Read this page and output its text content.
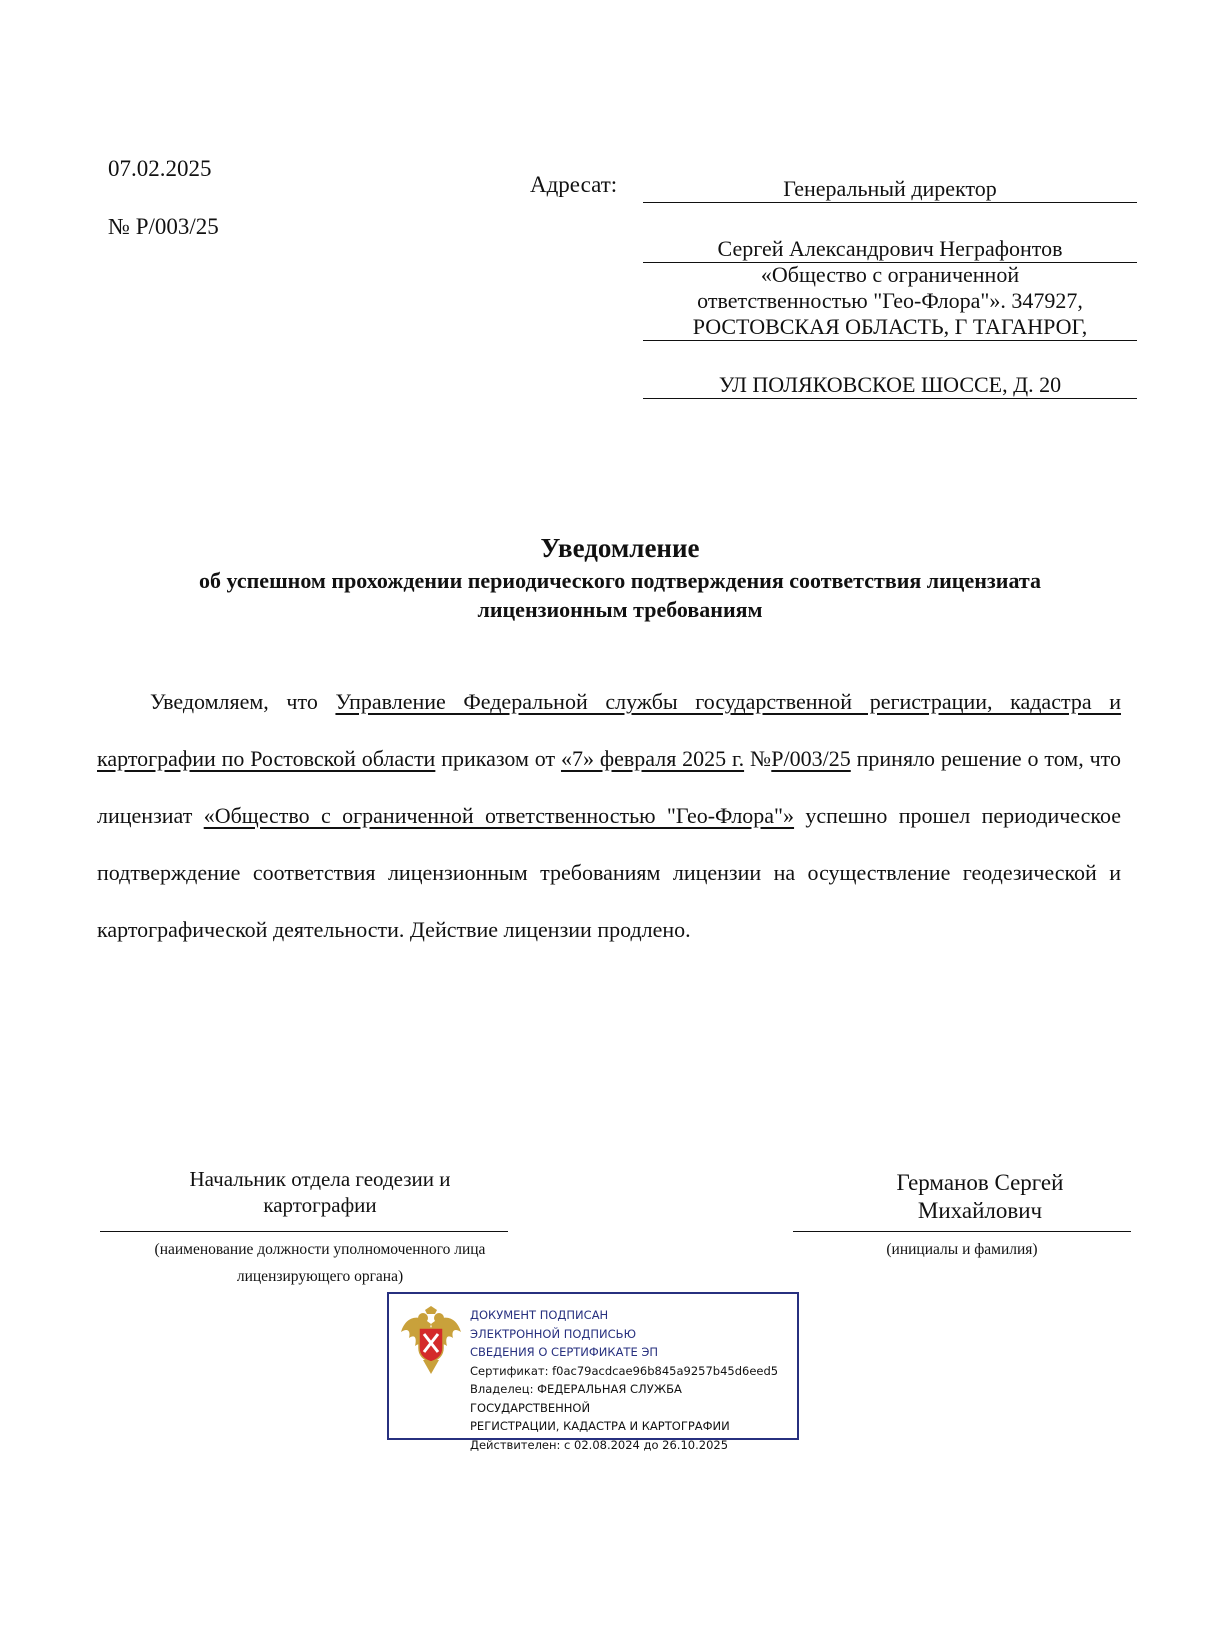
07.02.2025
№ Р/003/25
Адресат:	Генеральный директор
Сергей Александрович Неграфонтов
«Общество с ограниченной
ответственностью "Гео-Флора"». 347927,
РОСТОВСКАЯ ОБЛАСТЬ, Г ТАГАНРОГ,
УЛ ПОЛЯКОВСКОЕ ШОССЕ, Д. 20
Уведомление
об успешном прохождении периодического подтверждения соответствия лицензиата лицензионным требованиям

Уведомляем, что Управление Федеральной службы государственной регистрации, кадастра и картографии по Ростовской области приказом от «7» февраля 2025 г. №Р/003/25 приняло решение о том, что лицензиат «Общество с ограниченной ответственностью "Гео-Флора"» успешно прошел периодическое подтверждение соответствия лицензионным требованиям лицензии на осуществление геодезической и картографической деятельности. Действие лицензии продлено.

Начальник отдела геодезии и картографии
(наименование должности уполномоченного лица лицензирующего органа)
Германов Сергей Михайлович
(инициалы и фамилия)
ДОКУМЕНТ ПОДПИСАН
ЭЛЕКТРОННОЙ ПОДПИСЬЮ
СВЕДЕНИЯ О СЕРТИФИКАТЕ ЭП
Сертификат: f0ac79acdcae96b845a9257b45d6eed5
Владелец: ФЕДЕРАЛЬНАЯ СЛУЖБА ГОСУДАРСТВЕННОЙ
РЕГИСТРАЦИИ, КАДАСТРА И КАРТОГРАФИИ
Действителен: с 02.08.2024 до 26.10.2025
